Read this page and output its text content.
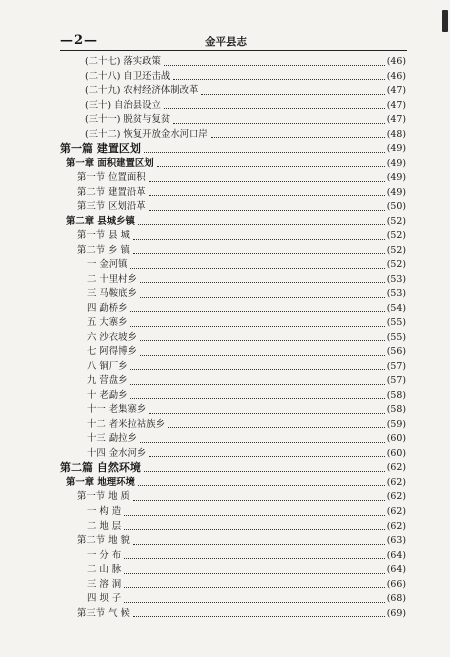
—2—	金平县志
(二十七) 落实政策	(46)
(二十八) 自卫还击战	(46)
(二十九) 农村经济体制改革	(47)
(三十) 自治县设立	(47)
(三十一) 脱贫与复贫	(47)
(三十二) 恢复开放金水河口岸	(48)
第一篇 建置区划	(49)
第一章 面积建置区划	(49)
第一节 位置面积	(49)
第二节 建置沿革	(49)
第三节 区划沿革	(50)
第二章 县城乡镇	(52)
第一节 县 城	(52)
第二节 乡 镇	(52)
一 金河镇	(52)
二 十里村乡	(53)
三 马鞍底乡	(53)
四 勐桥乡	(54)
五 大寨乡	(55)
六 沙衣坡乡	(55)
七 阿得博乡	(56)
八 铜厂乡	(57)
九 营盘乡	(57)
十 老勐乡	(58)
十一 老集寨乡	(58)
十二 者米拉祜族乡	(59)
十三 勐拉乡	(60)
十四 金水河乡	(60)
第二篇 自然环境	(62)
第一章 地理环境	(62)
第一节 地 质	(62)
一 构 造	(62)
二 地 层	(62)
第二节 地 貌	(63)
一 分 布	(64)
二 山 脉	(64)
三 溶 洞	(66)
四 坝 子	(68)
第三节 气 候	(69)
